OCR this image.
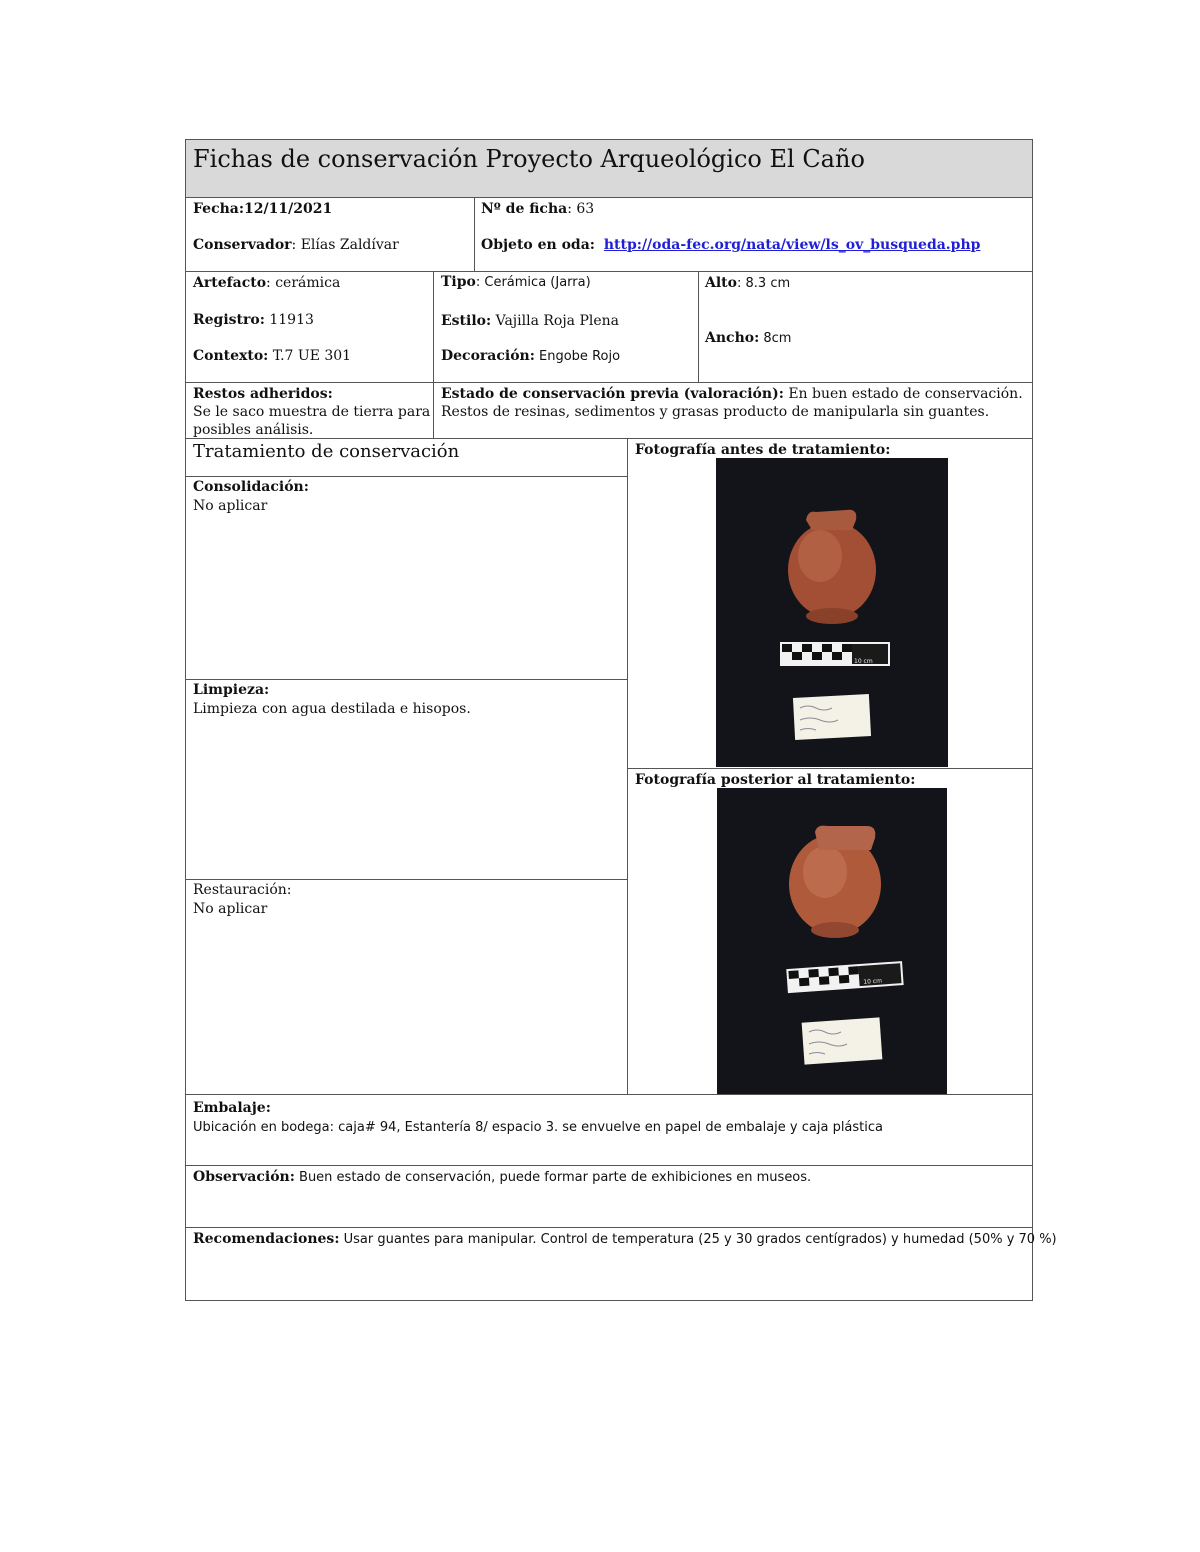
Fichas de conservación Proyecto Arqueológico El Caño
Fecha:12/11/2021	Nº de ficha: 63
Conservador: Elías Zaldívar	Objeto en oda: http://oda-fec.org/nata/view/ls_ov_busqueda.php
Artefacto: cerámica
Registro: 11913
Contexto: T.7 UE 301
Tipo: Cerámica (Jarra)
Estilo: Vajilla Roja Plena
Decoración: Engobe Rojo
Alto: 8.3 cm
Ancho: 8cm
Restos adheridos:
Se le saco muestra de tierra para
posibles análisis.
Estado de conservación previa (valoración): En buen estado de conservación.
Restos de resinas, sedimentos y grasas producto de manipularla sin guantes.
Tratamiento de conservación
Consolidación:
No aplicar
Limpieza:
Limpieza con agua destilada e hisopos.
Restauración:
No aplicar
Fotografía antes de tratamiento:
10 cm
Fotografía posterior al tratamiento:
10 cm
Embalaje:
Ubicación en bodega: caja# 94, Estantería 8/ espacio 3. se envuelve en papel de embalaje y caja plástica
Observación: Buen estado de conservación, puede formar parte de exhibiciones en museos.
Recomendaciones: Usar guantes para manipular. Control de temperatura (25 y 30 grados centígrados) y humedad (50% y 70 %)
